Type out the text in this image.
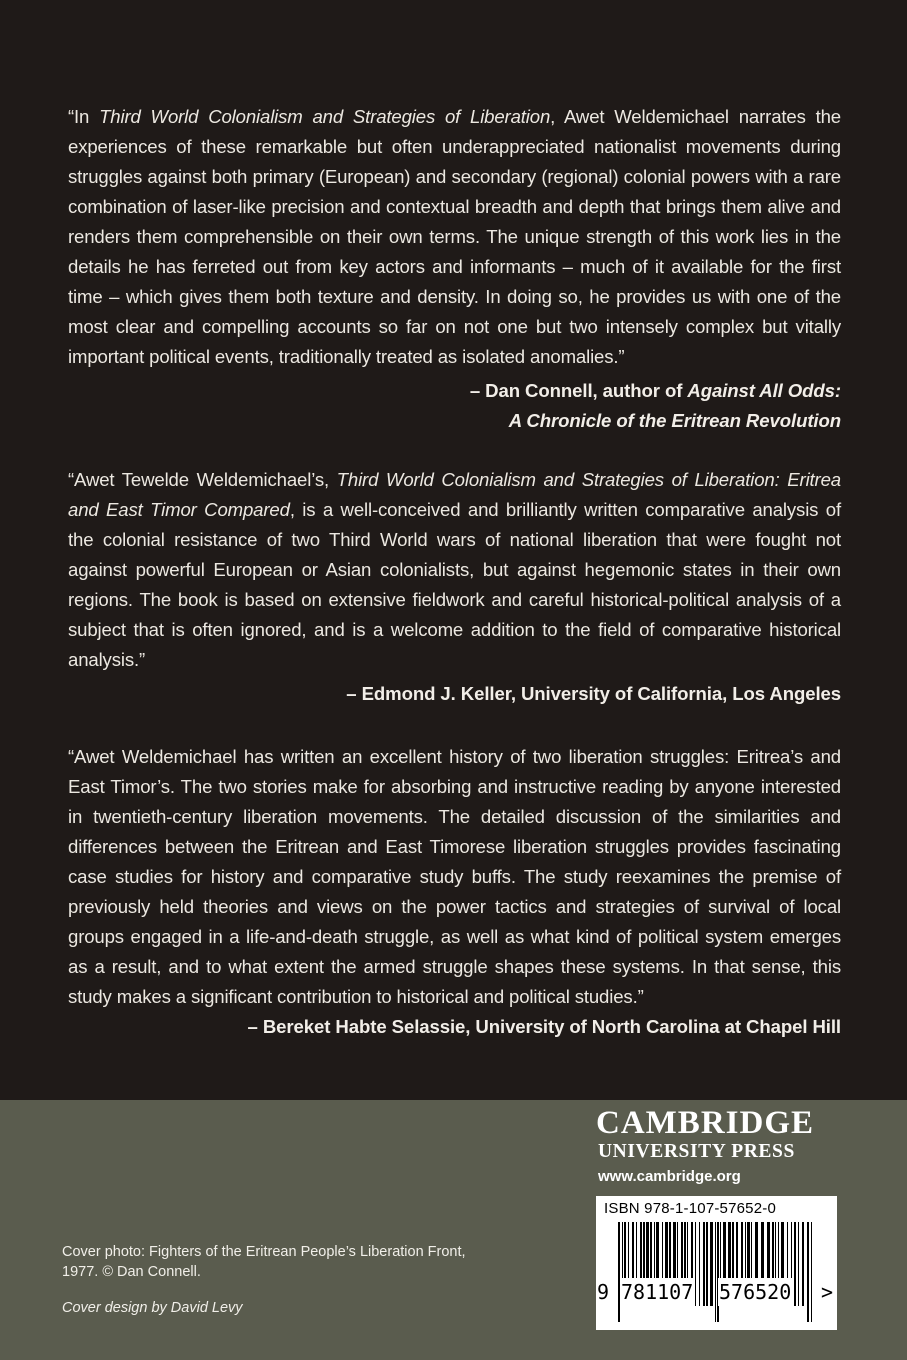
“In Third World Colonialism and Strategies of Liberation, Awet Weldemichael narrates the experiences of these remarkable but often underappreciated nationalist movements during struggles against both primary (European) and secondary (regional) colonial powers with a rare combination of laser-like precision and contextual breadth and depth that brings them alive and renders them comprehensible on their own terms. The unique strength of this work lies in the details he has ferreted out from key actors and informants – much of it available for the first time – which gives them both texture and density. In doing so, he provides us with one of the most clear and compelling accounts so far on not one but two intensely complex but vitally important political events, traditionally treated as isolated anomalies.”
– Dan Connell, author of Against All Odds:
A Chronicle of the Eritrean Revolution
“Awet Tewelde Weldemichael’s, Third World Colonialism and Strategies of Liberation: Eritrea and East Timor Compared, is a well-conceived and brilliantly written comparative analysis of the colonial resistance of two Third World wars of national liberation that were fought not against powerful European or Asian colonialists, but against hegemonic states in their own regions. The book is based on extensive fieldwork and careful historical-political analysis of a subject that is often ignored, and is a welcome addition to the field of comparative historical analysis.”
– Edmond J. Keller, University of California, Los Angeles
“Awet Weldemichael has written an excellent history of two liberation struggles: Eritrea’s and East Timor’s. The two stories make for absorbing and instructive reading by anyone interested in twentieth-century liberation movements. The detailed discussion of the similarities and differences between the Eritrean and East Timorese liberation struggles provides fascinating case studies for history and comparative study buffs. The study reexamines the premise of previously held theories and views on the power tactics and strategies of survival of local groups engaged in a life-and-death struggle, as well as what kind of political system emerges as a result, and to what extent the armed struggle shapes these systems. In that sense, this study makes a significant contribution to historical and political studies.”
– Bereket Habte Selassie, University of North Carolina at Chapel Hill
CAMBRIDGE
UNIVERSITY PRESS
www.cambridge.org
ISBN 978-1-107-57652-0
9 781107 576520 >
Cover photo: Fighters of the Eritrean People’s Liberation Front, 1977. © Dan Connell.
Cover design by David Levy
